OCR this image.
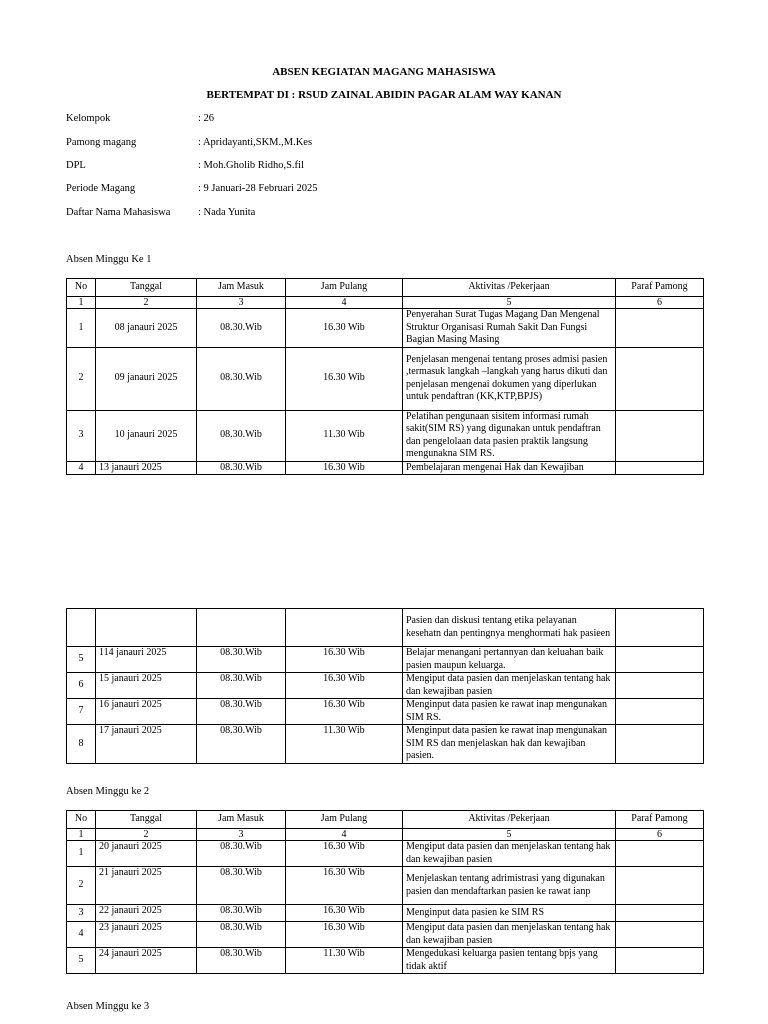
ABSEN KEGIATAN MAGANG MAHASISWA
BERTEMPAT DI : RSUD ZAINAL ABIDIN PAGAR ALAM WAY KANAN
Kelompok	: 26
Pamong magang	: Apridayanti,SKM.,M.Kes
DPL	: Moh.Gholib Ridho,S.fil
Periode Magang	: 9 Januari-28 Februari 2025
Daftar Nama Mahasiswa	: Nada Yunita
Absen Minggu Ke 1
No	Tanggal	Jam Masuk	Jam Pulang	Aktivitas /Pekerjaan	Paraf Pamong
1	2	3	4	5	6
1	08 janauri 2025	08.30.Wib	16.30 Wib	Penyerahan Surat Tugas Magang Dan Mengenal Struktur Organisasi Rumah Sakit Dan Fungsi Bagian Masing Masing	
2	09 janauri 2025	08.30.Wib	16.30 Wib	Penjelasan mengenai tentang proses admisi pasien ,termasuk langkah –langkah yang harus dikuti dan penjelasan mengenai dokumen yang diperlukan untuk pendaftran (KK,KTP,BPJS)	
3	10 janauri 2025	08.30.Wib	11.30 Wib	Pelatihan pengunaan sisitem informasi rumah sakit(SIM RS) yang digunakan untuk pendaftran dan pengelolaan data pasien praktik langsung mengunakna SIM RS.	
4	13 janauri 2025	08.30.Wib	16.30 Wib	Pembelajaran mengenai Hak dan Kewajiban	
				Pasien dan diskusi tentang etika pelayanan kesehatn dan pentingnya menghormati hak pasieen	
5	114 janauri 2025	08.30.Wib	16.30 Wib	Belajar menangani pertannyan dan keluahan baik pasien maupun keluarga.	
6	15 janauri 2025	08.30.Wib	16.30 Wib	Mengiput data pasien dan menjelaskan tentang hak dan kewajiban pasien	
7	16 janauri 2025	08.30.Wib	16.30 Wib	Menginput data pasien ke rawat inap mengunakan SIM RS.	
8	17 janauri 2025	08.30.Wib	11.30 Wib	Menginput data pasien ke rawat inap mengunakan SIM RS dan menjelaskan hak dan kewajiban pasien.	
Absen Minggu ke 2
No	Tanggal	Jam Masuk	Jam Pulang	Aktivitas /Pekerjaan	Paraf Pamong
1	2	3	4	5	6
1	20 janauri 2025	08.30.Wib	16.30 Wib	Mengiput data pasien dan menjelaskan tentang hak dan kewajiban pasien	
2	21 janauri 2025	08.30.Wib	16.30 Wib	Menjelaskan tentang adrimistrasi yang digunakan pasien dan mendaftarkan pasien ke rawat ianp	
3	22 janauri 2025	08.30.Wib	16.30 Wib	Menginput data pasien ke SIM RS	
4	23 janauri 2025	08.30.Wib	16.30 Wib	Mengiput data pasien dan menjelaskan tentang hak dan kewajiban pasien	
5	24 janauri 2025	08.30.Wib	11.30 Wib	Mengedukasi keluarga pasien tentang bpjs yang tidak aktif	
Absen Minggu ke 3
